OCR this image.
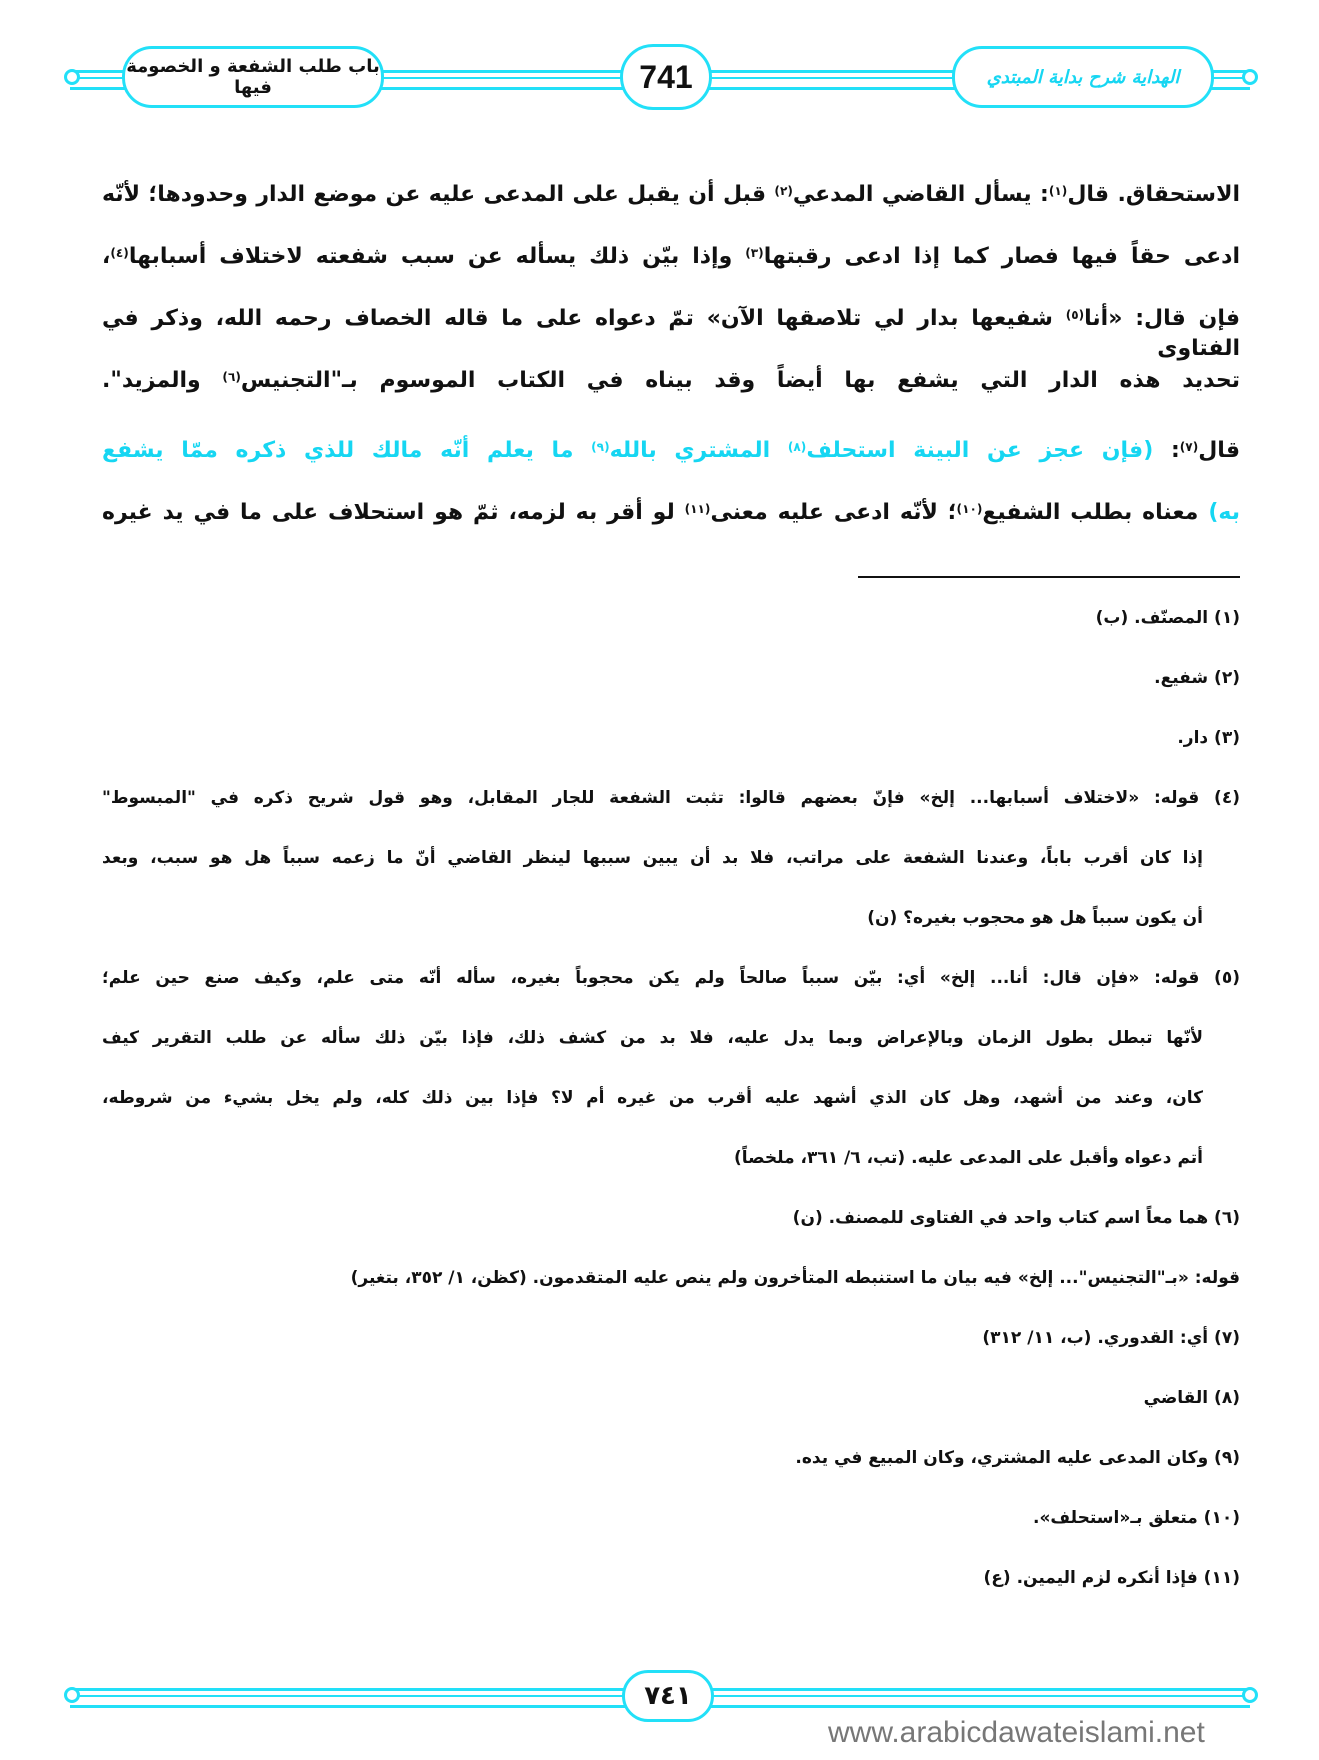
باب طلب الشفعة و الخصومة فيها	741	الهداية شرح بداية المبتدي
الاستحقاق. قال$^{(١)}$: يسأل القاضي المدعي$^{(٢)}$ قبل أن يقبل على المدعى عليه عن موضع الدار وحدودها؛ لأنّه
ادعى حقاً فيها فصار كما إذا ادعى رقبتها$^{(٣)}$ وإذا بيّن ذلك يسأله عن سبب شفعته لاختلاف أسبابها$^{(٤)}$،
فإن قال: «أنا$^{(٥)}$ شفيعها بدار لي تلاصقها الآن» تمّ دعواه على ما قاله الخصاف رحمه الله، وذكر في الفتاوى
تحديد هذه الدار التي يشفع بها أيضاً وقد بيناه في الكتاب الموسوم بـ"التجنيس$^{(٦)}$ والمزيد".
قال$^{(٧)}$: (فإن عجز عن البينة استحلف$^{(٨)}$ المشتري بالله$^{(٩)}$ ما يعلم أنّه مالك للذي ذكره ممّا يشفع
به) معناه بطلب الشفيع$^{(١٠)}$؛ لأنّه ادعى عليه معنى$^{(١١)}$ لو أقر به لزمه، ثمّ هو استحلاف على ما في يد غيره
(١) المصنّف. (ب)
(٢) شفيع.
(٣) دار.
(٤) قوله: «لاختلاف أسبابها... إلخ» فإنّ بعضهم قالوا: تثبت الشفعة للجار المقابل، وهو قول شريح ذكره في "المبسوط"
إذا كان أقرب باباً، وعندنا الشفعة على مراتب، فلا بد أن يبين سببها لينظر القاضي أنّ ما زعمه سبباً هل هو سبب، وبعد
أن يكون سبباً هل هو محجوب بغيره؟ (ن)
(٥) قوله: «فإن قال: أنا... إلخ» أي: بيّن سبباً صالحاً ولم يكن محجوباً بغيره، سأله أنّه متى علم، وكيف صنع حين علم؛
لأنّها تبطل بطول الزمان وبالإعراض وبما يدل عليه، فلا بد من كشف ذلك، فإذا بيّن ذلك سأله عن طلب التقرير كيف
كان، وعند من أشهد، وهل كان الذي أشهد عليه أقرب من غيره أم لا؟ فإذا بين ذلك كله، ولم يخل بشيء من شروطه،
أتم دعواه وأقبل على المدعى عليه. (تب، ٦/ ٣٦١، ملخصاً)
(٦) هما معاً اسم كتاب واحد في الفتاوى للمصنف. (ن)
قوله: «بـ"التجنيس"... إلخ» فيه بيان ما استنبطه المتأخرون ولم ينص عليه المتقدمون. (كظن، ١/ ٣٥٢، بتغير)
(٧) أي: القدوري. (ب، ١١/ ٣١٢)
(٨) القاضي
(٩) وكان المدعى عليه المشتري، وكان المبيع في يده.
(١٠) متعلق بـ«استحلف».
(١١) فإذا أنكره لزم اليمين. (ع)
٧٤١
www.arabicdawateislami.net
